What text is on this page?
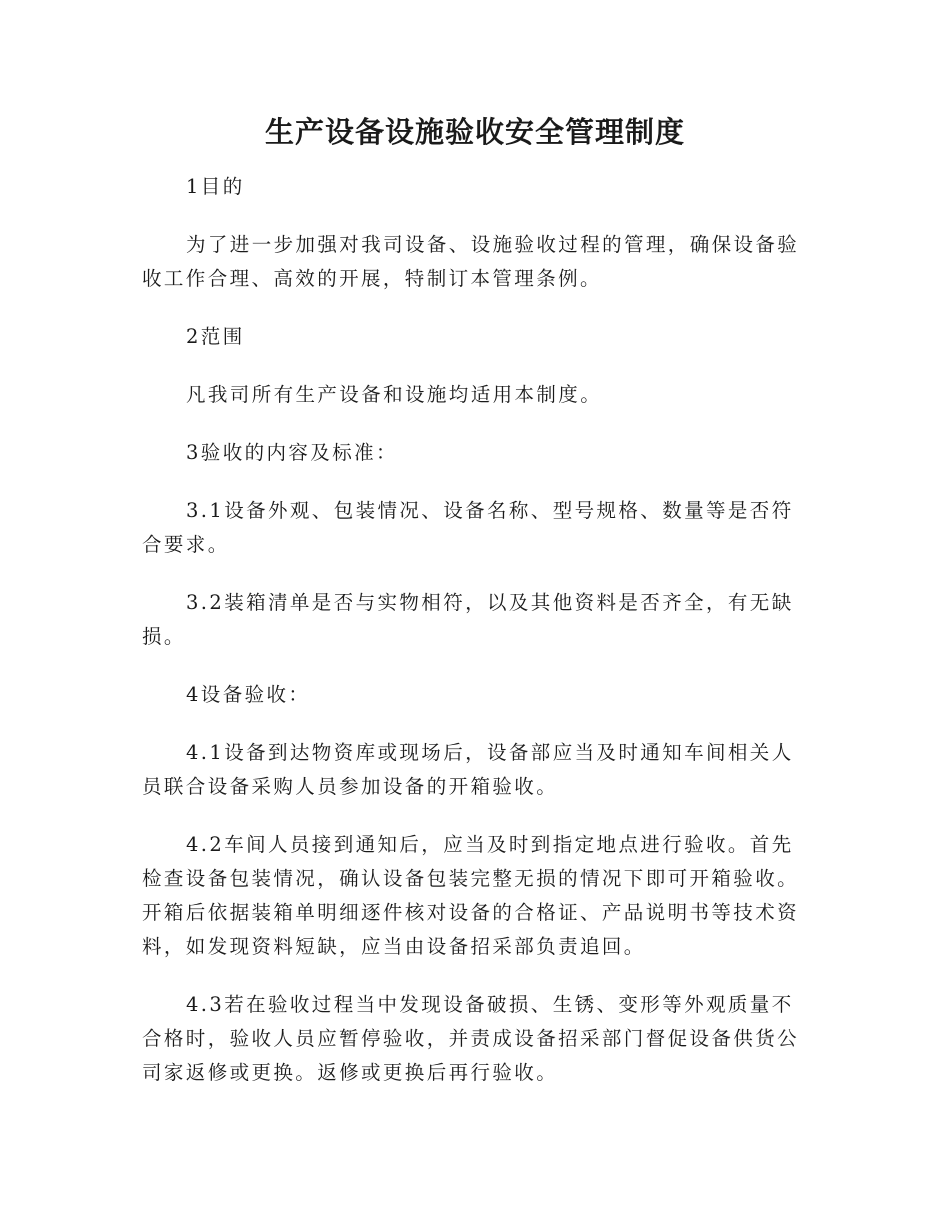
生产设备设施验收安全管理制度

1目的

为了进一步加强对我司设备、设施验收过程的管理，确保设备验收工作合理、高效的开展，特制订本管理条例。

2范围

凡我司所有生产设备和设施均适用本制度。

3验收的内容及标准：

3.1设备外观、包装情况、设备名称、型号规格、数量等是否符合要求。

3.2装箱清单是否与实物相符，以及其他资料是否齐全，有无缺损。

4设备验收：

4.1设备到达物资库或现场后，设备部应当及时通知车间相关人员联合设备采购人员参加设备的开箱验收。

4.2车间人员接到通知后，应当及时到指定地点进行验收。首先检查设备包装情况，确认设备包装完整无损的情况下即可开箱验收。开箱后依据装箱单明细逐件核对设备的合格证、产品说明书等技术资料，如发现资料短缺，应当由设备招采部负责追回。

4.3若在验收过程当中发现设备破损、生锈、变形等外观质量不合格时，验收人员应暂停验收，并责成设备招采部门督促设备供货公司家返修或更换。返修或更换后再行验收。
